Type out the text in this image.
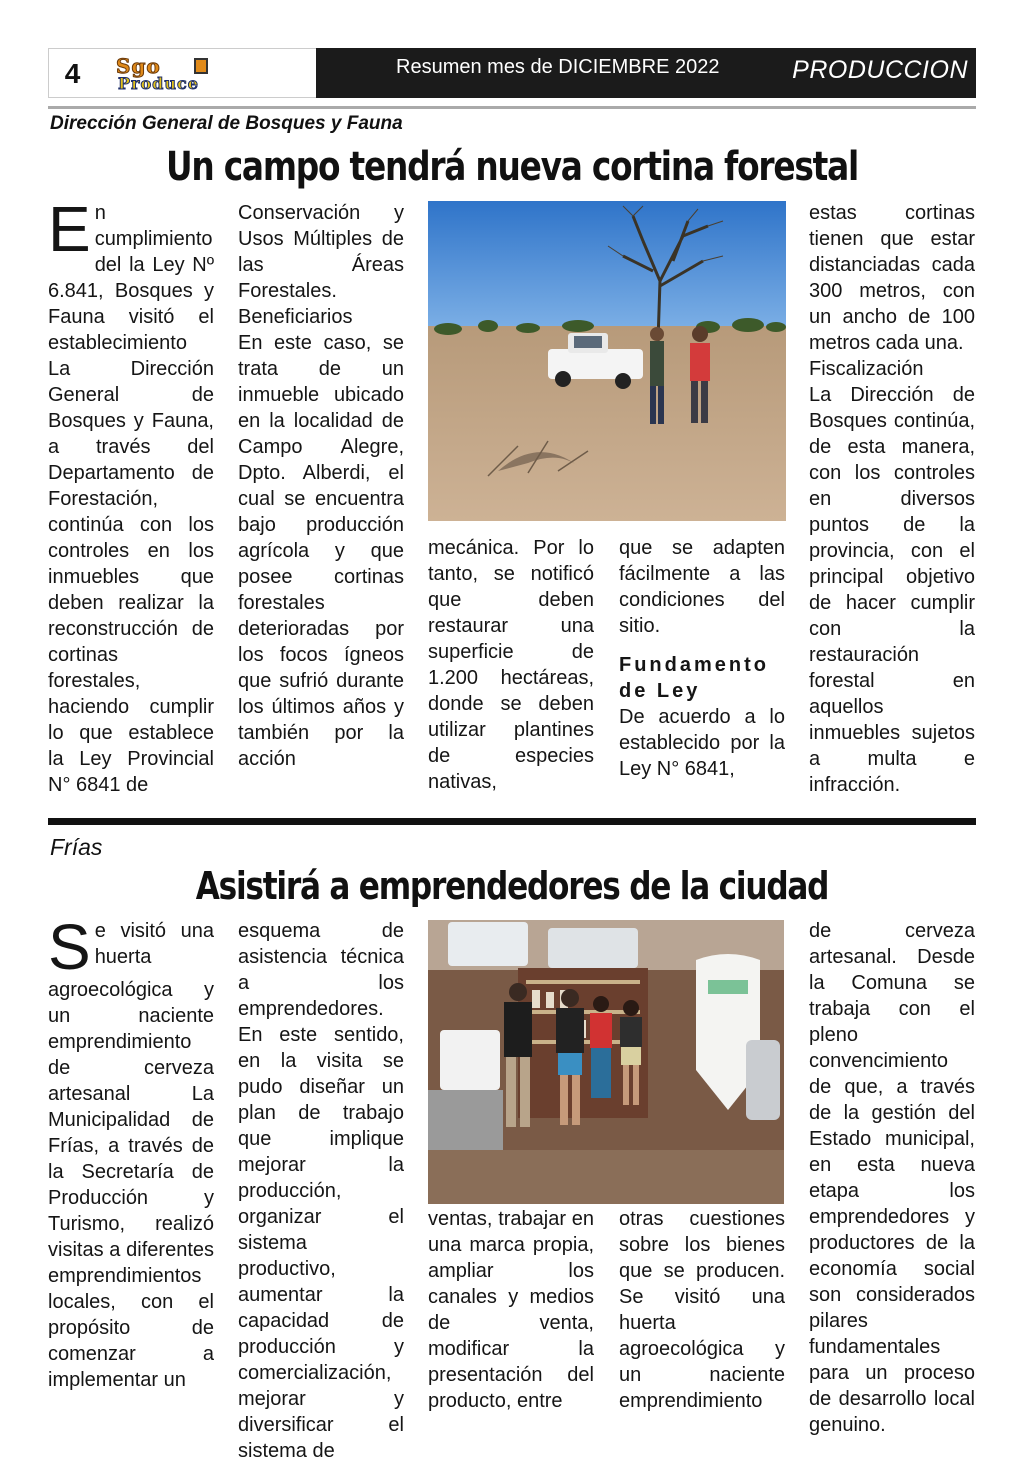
4	Sgo
Produce
Resumen mes de DICIEMBRE 2022	PRODUCCION
Dirección General de Bosques y Fauna
Un campo tendrá nueva cortina forestal
En cumplimiento del la Ley Nº 6.841, Bosques y Fauna visitó el establecimiento La Dirección General de Bosques y Fauna, a través del Departamento de Forestación, continúa con los controles en los inmuebles que deben realizar la reconstrucción de cortinas forestales, haciendo cumplir lo que establece la Ley Provincial N° 6841 de

Conservación y Usos Múltiples de las Áreas Forestales.

Beneficiarios

En este caso, se trata de un inmueble ubicado en la localidad de Campo Alegre, Dpto. Alberdi, el cual se encuentra bajo producción agrícola y que posee cortinas forestales deterioradas por los focos ígneos que sufrió durante los últimos años y también por la acción

mecánica. Por lo tanto, se notificó que deben restaurar una superficie de 1.200 hectáreas, donde se deben utilizar plantines de especies nativas,

que se adapten fácilmente a las condiciones del sitio.

Fundamento de Ley

De acuerdo a lo establecido por la Ley N° 6841,

estas cortinas tienen que estar distanciadas cada 300 metros, con un ancho de 100 metros cada una.

Fiscalización

La Dirección de Bosques continúa, de esta manera, con los controles en diversos puntos de la provincia, con el principal objetivo de hacer cumplir con la restauración forestal en aquellos inmuebles sujetos a multa e infracción.

Frías
Asistirá a emprendedores de la ciudad
Se visitó una huerta agroecológica y un naciente emprendimiento de cerveza artesanal La Municipalidad de Frías, a través de la Secretaría de Producción y Turismo, realizó visitas a diferentes emprendimientos locales, con el propósito de comenzar a implementar un

esquema de asistencia técnica a los emprendedores. En este sentido, en la visita se pudo diseñar un plan de trabajo que implique mejorar la producción, organizar el sistema productivo, aumentar la capacidad de producción y comercialización, mejorar y diversificar el sistema de

ventas, trabajar en una marca propia, ampliar los canales y medios de venta, modificar la presentación del producto, entre

otras cuestiones sobre los bienes que se producen. Se visitó una huerta agroecológica y un naciente emprendimiento

de cerveza artesanal. Desde la Comuna se trabaja con el pleno convencimiento de que, a través de la gestión del Estado municipal, en esta nueva etapa los emprendedores y productores de la economía social son considerados pilares fundamentales para un proceso de desarrollo local genuino.
